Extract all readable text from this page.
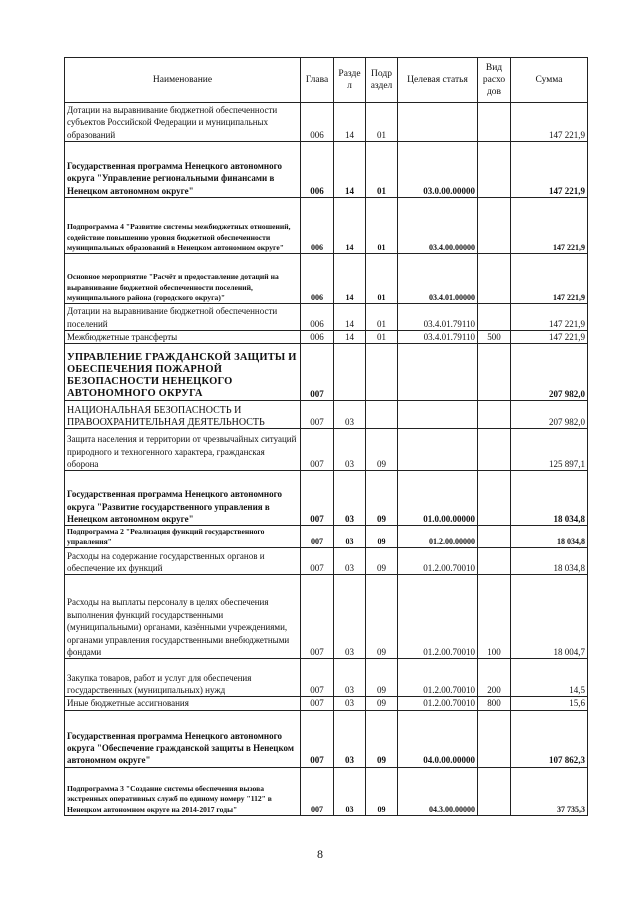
Наименование	Глава	Разде л	Подр аздел	Целевая статья	Вид расхо дов	Сумма
Дотации на выравнивание бюджетной обеспеченности субъектов Российской Федерации и муниципальных образований	006	14	01			147 221,9
Государственная программа Ненецкого автономного округа "Управление региональными финансами в Ненецком автономном округе"	006	14	01	03.0.00.00000		147 221,9
Подпрограмма 4 "Развитие системы межбюджетных отношений, содействие повышению уровня бюджетной обеспеченности муниципальных образований в Ненецком автономном округе"	006	14	01	03.4.00.00000		147 221,9
Основное мероприятие "Расчёт и предоставление дотаций на выравнивание бюджетной обеспеченности поселений, муниципального района (городского округа)"	006	14	01	03.4.01.00000		147 221,9
Дотации на выравнивание бюджетной обеспеченности поселений	006	14	01	03.4.01.79110		147 221,9
Межбюджетные трансферты	006	14	01	03.4.01.79110	500	147 221,9
УПРАВЛЕНИЕ ГРАЖДАНСКОЙ ЗАЩИТЫ И ОБЕСПЕЧЕНИЯ ПОЖАРНОЙ БЕЗОПАСНОСТИ НЕНЕЦКОГО АВТОНОМНОГО ОКРУГА	007					207 982,0
НАЦИОНАЛЬНАЯ БЕЗОПАСНОСТЬ И ПРАВООХРАНИТЕЛЬНАЯ ДЕЯТЕЛЬНОСТЬ	007	03				207 982,0
Защита населения и территории от чрезвычайных ситуаций природного и техногенного характера, гражданская оборона	007	03	09			125 897,1
Государственная программа Ненецкого автономного округа "Развитие государственного управления в Ненецком автономном округе"	007	03	09	01.0.00.00000		18 034,8
Подпрограмма 2 "Реализация функций государственного управления"	007	03	09	01.2.00.00000		18 034,8
Расходы на содержание государственных органов и обеспечение их функций	007	03	09	01.2.00.70010		18 034,8
Расходы на выплаты персоналу в целях обеспечения выполнения функций государственными (муниципальными) органами, казёнными учреждениями, органами управления государственными внебюджетными фондами	007	03	09	01.2.00.70010	100	18 004,7
Закупка товаров, работ и услуг для обеспечения государственных (муниципальных) нужд	007	03	09	01.2.00.70010	200	14,5
Иные бюджетные ассигнования	007	03	09	01.2.00.70010	800	15,6
Государственная программа Ненецкого автономного округа "Обеспечение гражданской защиты в Ненецком автономном округе"	007	03	09	04.0.00.00000		107 862,3
Подпрограмма 3 "Создание системы обеспечения вызова экстренных оперативных служб по единому номеру "112" в Ненецком автономном округе на 2014-2017 годы"	007	03	09	04.3.00.00000		37 735,3
8
